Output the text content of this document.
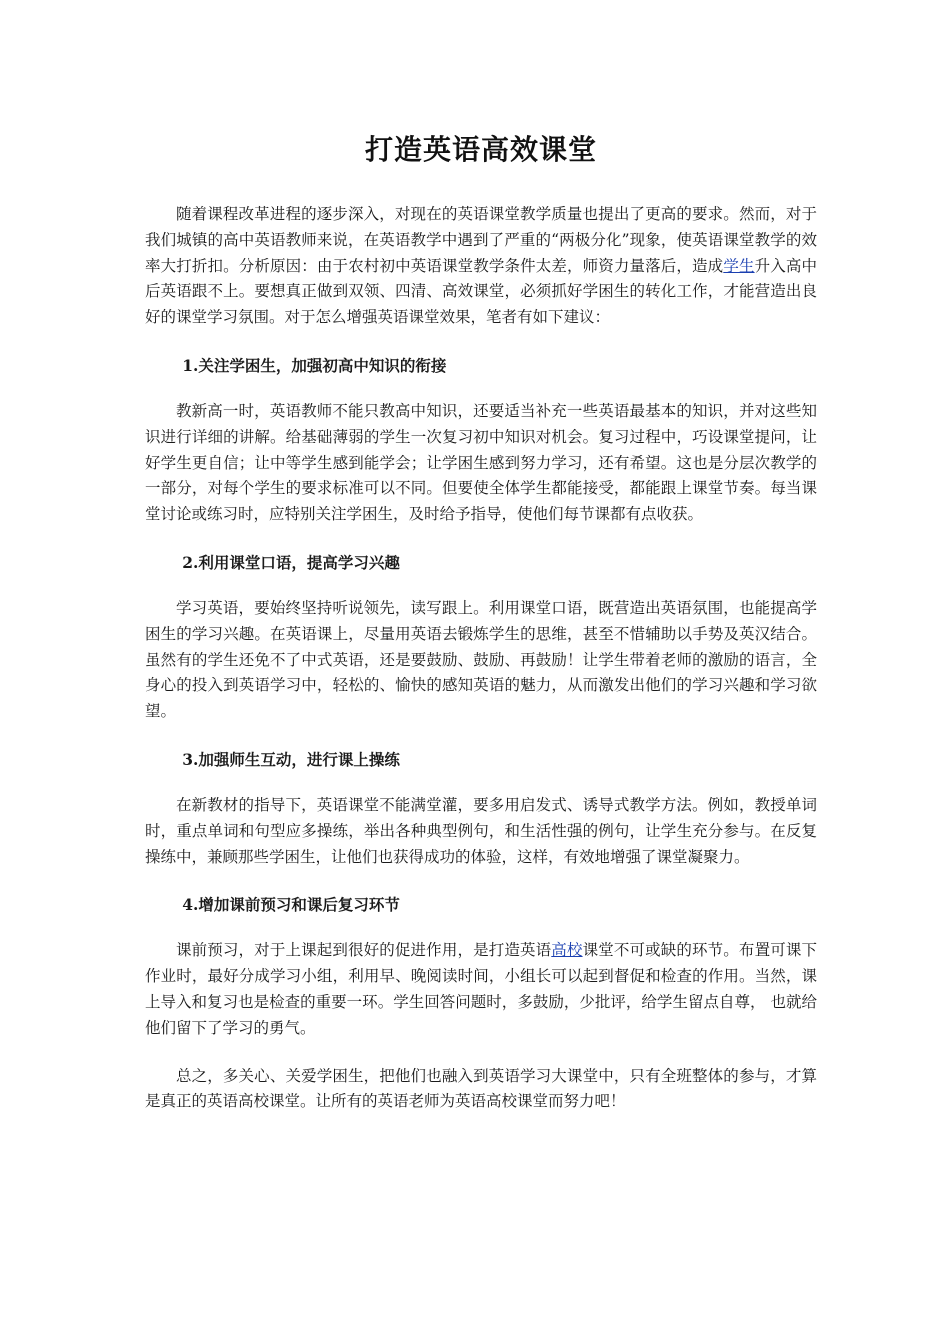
打造英语高效课堂

随着课程改革进程的逐步深入，对现在的英语课堂教学质量也提出了更高的要求。然而，对于我们城镇的高中英语教师来说，在英语教学中遇到了严重的“两极分化”现象，使英语课堂教学的效率大打折扣。分析原因：由于农村初中英语课堂教学条件太差，师资力量落后，造成学生升入高中后英语跟不上。要想真正做到双领、四清、高效课堂，必须抓好学困生的转化工作，才能营造出良好的课堂学习氛围。对于怎么增强英语课堂效果，笔者有如下建议：

1.关注学困生，加强初高中知识的衔接

教新高一时，英语教师不能只教高中知识，还要适当补充一些英语最基本的知识，并对这些知识进行详细的讲解。给基础薄弱的学生一次复习初中知识对机会。复习过程中，巧设课堂提问，让好学生更自信；让中等学生感到能学会；让学困生感到努力学习，还有希望。这也是分层次教学的一部分，对每个学生的要求标准可以不同。但要使全体学生都能接受，都能跟上课堂节奏。每当课堂讨论或练习时，应特别关注学困生，及时给予指导，使他们每节课都有点收获。

2.利用课堂口语，提高学习兴趣

学习英语，要始终坚持听说领先，读写跟上。利用课堂口语，既营造出英语氛围，也能提高学困生的学习兴趣。在英语课上，尽量用英语去锻炼学生的思维，甚至不惜辅助以手势及英汉结合。虽然有的学生还免不了中式英语，还是要鼓励、鼓励、再鼓励！让学生带着老师的激励的语言，全身心的投入到英语学习中，轻松的、愉快的感知英语的魅力，从而激发出他们的学习兴趣和学习欲望。

3.加强师生互动，进行课上操练

在新教材的指导下，英语课堂不能满堂灌，要多用启发式、诱导式教学方法。例如，教授单词时，重点单词和句型应多操练，举出各种典型例句，和生活性强的例句，让学生充分参与。在反复操练中，兼顾那些学困生，让他们也获得成功的体验，这样，有效地增强了课堂凝聚力。

4.增加课前预习和课后复习环节

课前预习，对于上课起到很好的促进作用，是打造英语高校课堂不可或缺的环节。布置可课下作业时，最好分成学习小组，利用早、晚阅读时间，小组长可以起到督促和检查的作用。当然，课上导入和复习也是检查的重要一环。学生回答问题时，多鼓励，少批评，给学生留点自尊， 也就给他们留下了学习的勇气。

总之，多关心、关爱学困生，把他们也融入到英语学习大课堂中，只有全班整体的参与，才算是真正的英语高校课堂。让所有的英语老师为英语高校课堂而努力吧！
